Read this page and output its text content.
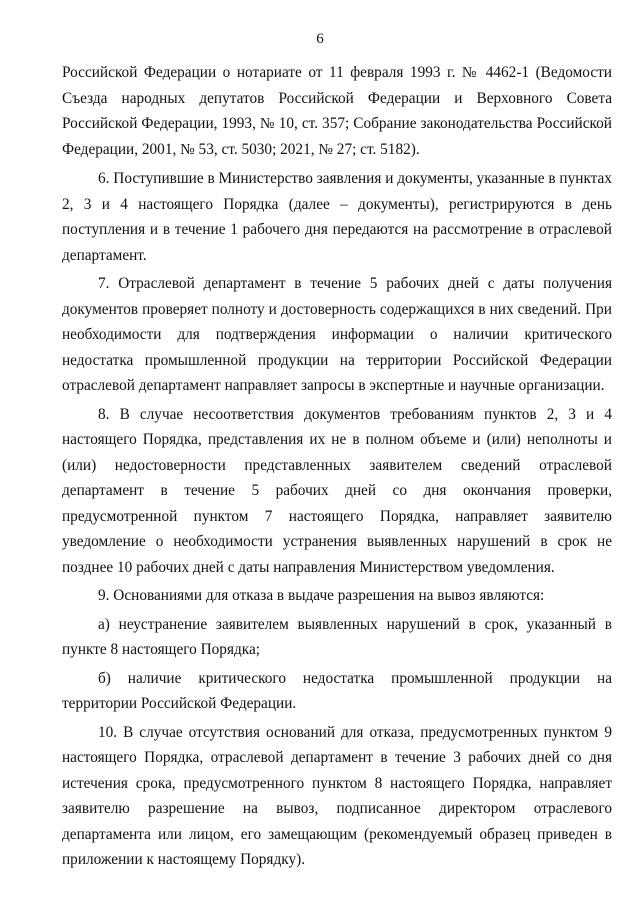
6

Российской Федерации о нотариате от 11 февраля 1993 г. № 4462-1 (Ведомости Съезда народных депутатов Российской Федерации и Верховного Совета Российской Федерации, 1993, № 10, ст. 357; Собрание законодательства Российской Федерации, 2001, № 53, ст. 5030; 2021, № 27; ст. 5182).

6. Поступившие в Министерство заявления и документы, указанные в пунктах 2, 3 и 4 настоящего Порядка (далее – документы), регистрируются в день поступления и в течение 1 рабочего дня передаются на рассмотрение в отраслевой департамент.

7. Отраслевой департамент в течение 5 рабочих дней с даты получения документов проверяет полноту и достоверность содержащихся в них сведений. При необходимости для подтверждения информации о наличии критического недостатка промышленной продукции на территории Российской Федерации отраслевой департамент направляет запросы в экспертные и научные организации.

8. В случае несоответствия документов требованиям пунктов 2, 3 и 4 настоящего Порядка, представления их не в полном объеме и (или) неполноты и (или) недостоверности представленных заявителем сведений отраслевой департамент в течение 5 рабочих дней со дня окончания проверки, предусмотренной пунктом 7 настоящего Порядка, направляет заявителю уведомление о необходимости устранения выявленных нарушений в срок не позднее 10 рабочих дней с даты направления Министерством уведомления.

9. Основаниями для отказа в выдаче разрешения на вывоз являются:

а) неустранение заявителем выявленных нарушений в срок, указанный в пункте 8 настоящего Порядка;

б) наличие критического недостатка промышленной продукции на территории Российской Федерации.

10. В случае отсутствия оснований для отказа, предусмотренных пунктом 9 настоящего Порядка, отраслевой департамент в течение 3 рабочих дней со дня истечения срока, предусмотренного пунктом 8 настоящего Порядка, направляет заявителю разрешение на вывоз, подписанное директором отраслевого департамента или лицом, его замещающим (рекомендуемый образец приведен в приложении к настоящему Порядку).
